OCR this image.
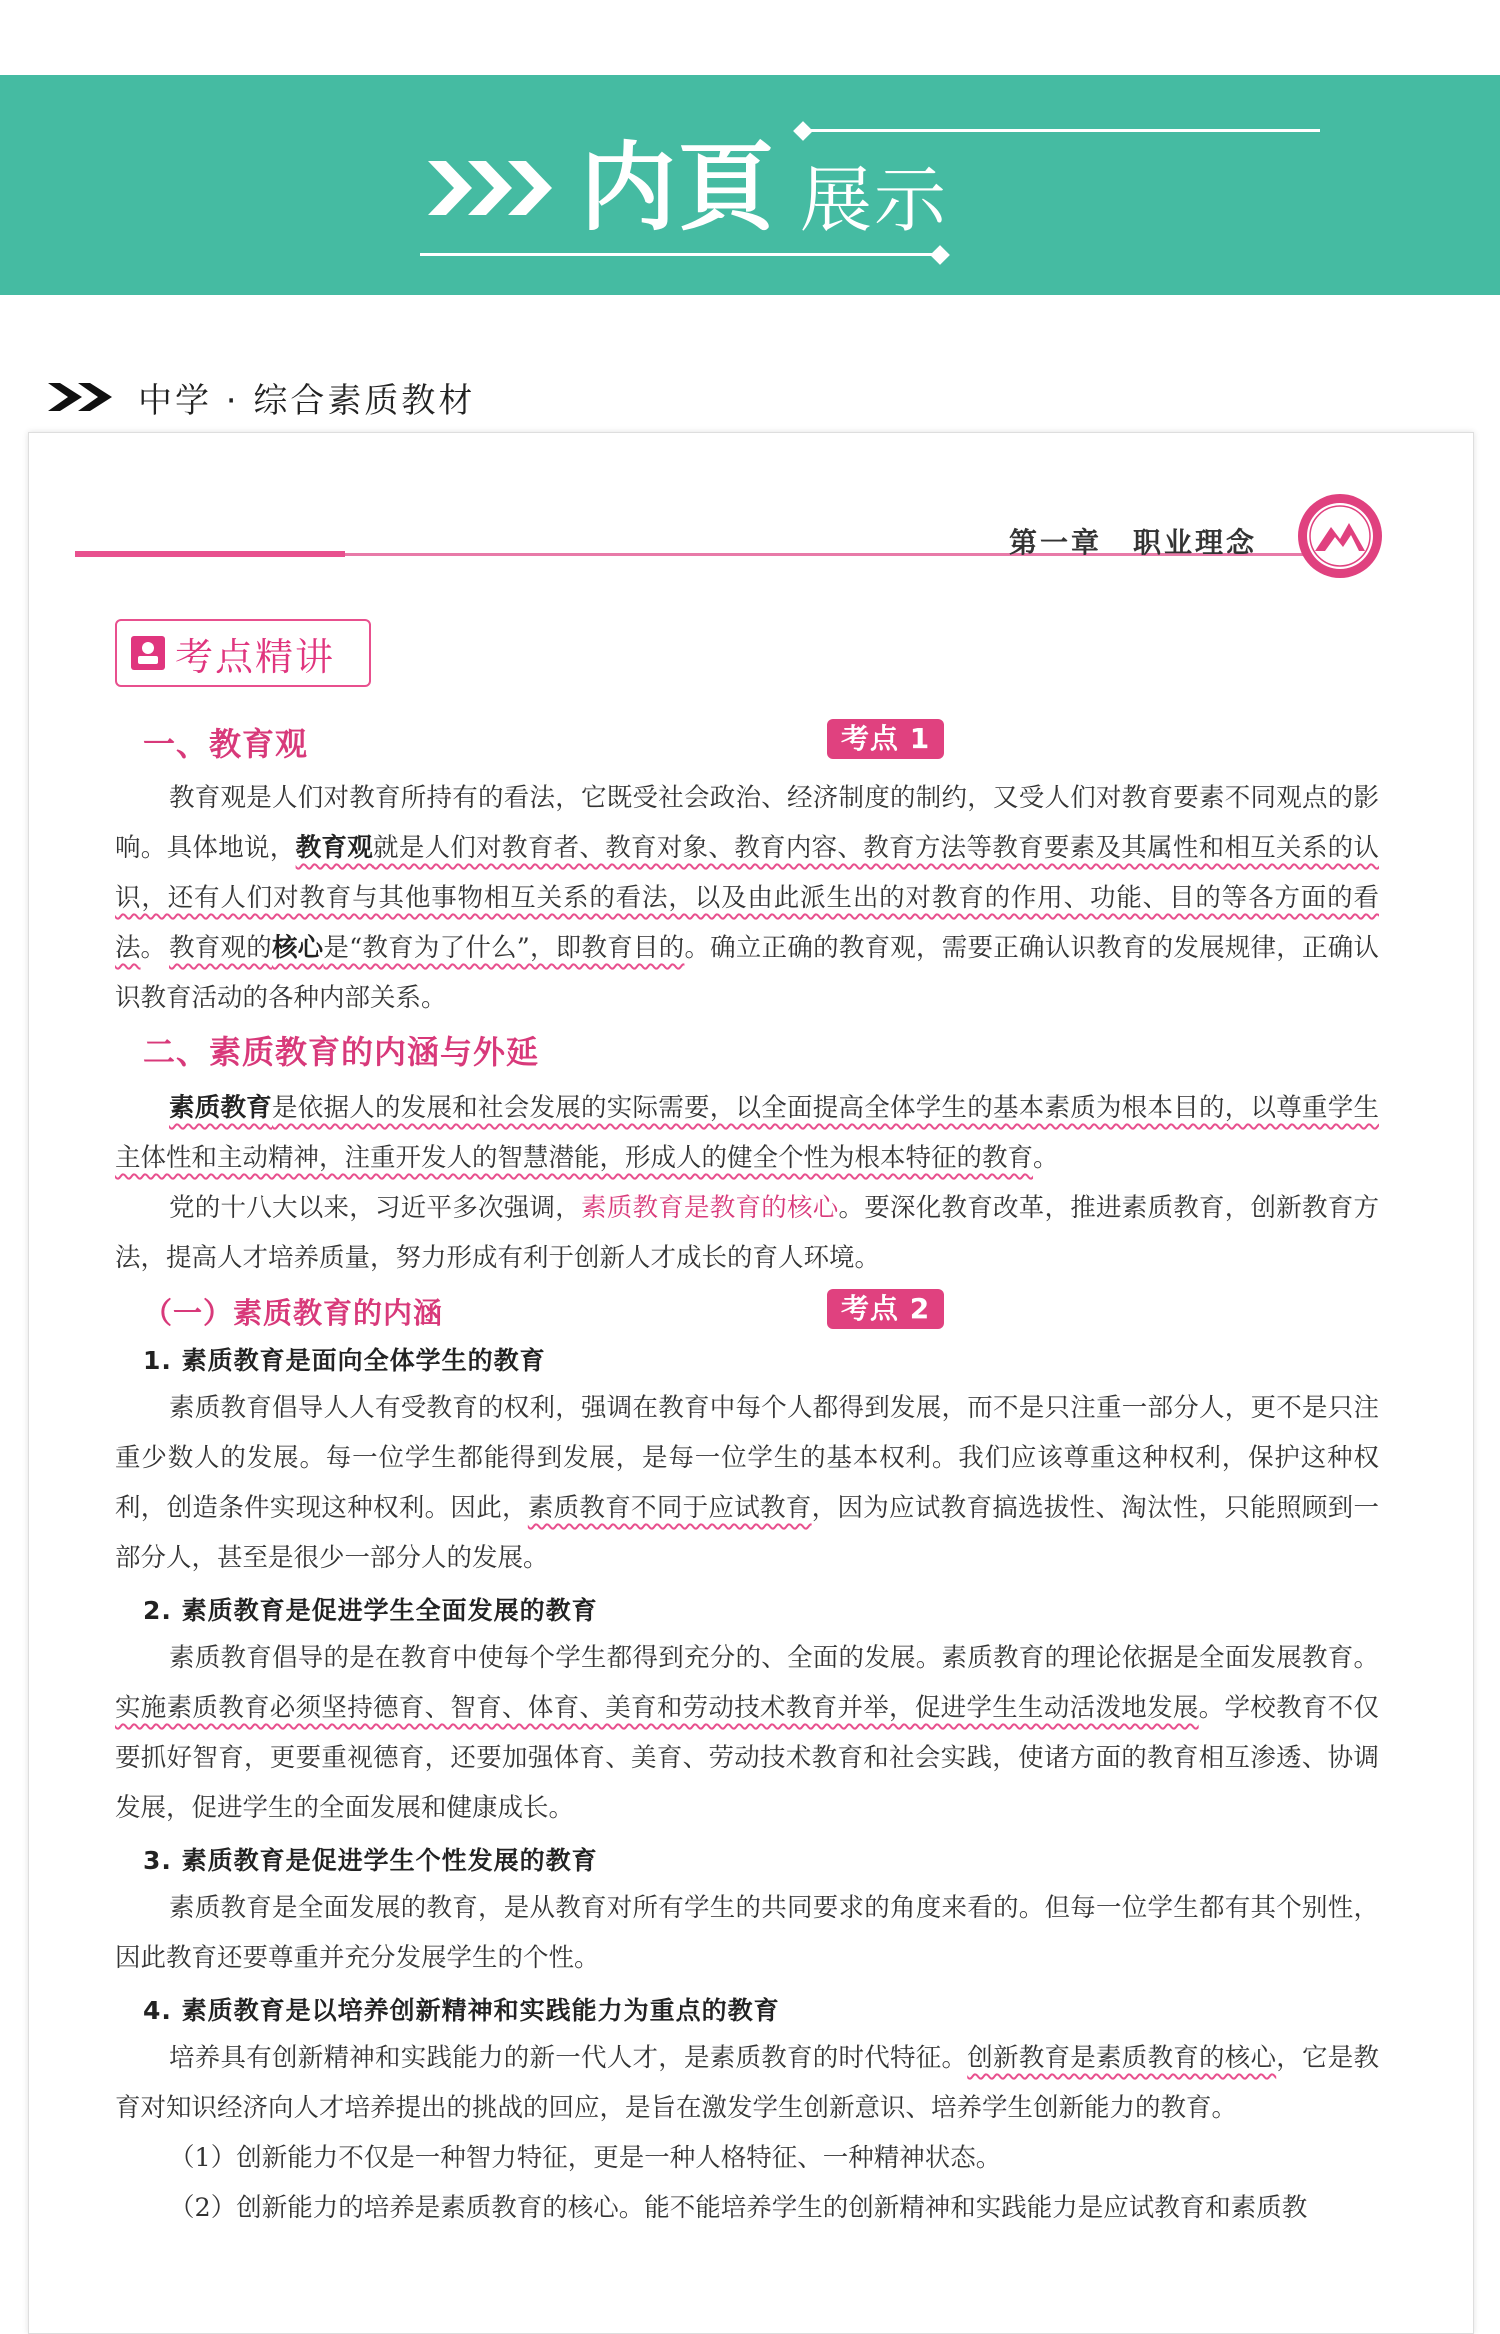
内頁 展示
中学 · 综合素质教材
第一章　职业理念
考点精讲
一、教育观	考点 1

教育观是人们对教育所持有的看法，它既受社会政治、经济制度的制约，又受人们对教育要素不同观点的影响。具体地说，教育观就是人们对教育者、教育对象、教育内容、教育方法等教育要素及其属性和相互关系的认识，还有人们对教育与其他事物相互关系的看法，以及由此派生出的对教育的作用、功能、目的等各方面的看法。 教育观的核心是“教育为了什么”，即教育目的。确立正确的教育观，需要正确认识教育的发展规律，正确认识教育活动的各种内部关系。

二、素质教育的内涵与外延

素质教育是依据人的发展和社会发展的实际需要，以全面提高全体学生的基本素质为根本目的，以尊重学生主体性和主动精神，注重开发人的智慧潜能，形成人的健全个性为根本特征的教育。

党的十八大以来，习近平多次强调，素质教育是教育的核心。要深化教育改革，推进素质教育，创新教育方法，提高人才培养质量，努力形成有利于创新人才成长的育人环境。

（一）素质教育的内涵	考点 2
1. 素质教育是面向全体学生的教育

素质教育倡导人人有受教育的权利，强调在教育中每个人都得到发展，而不是只注重一部分人，更不是只注重少数人的发展。每一位学生都能得到发展，是每一位学生的基本权利。我们应该尊重这种权利，保护这种权利，创造条件实现这种权利。因此，素质教育不同于应试教育，因为应试教育搞选拔性、淘汰性，只能照顾到一部分人，甚至是很少一部分人的发展。

2. 素质教育是促进学生全面发展的教育

素质教育倡导的是在教育中使每个学生都得到充分的、全面的发展。素质教育的理论依据是全面发展教育。实施素质教育必须坚持德育、智育、体育、美育和劳动技术教育并举，促进学生生动活泼地发展。学校教育不仅要抓好智育，更要重视德育，还要加强体育、美育、劳动技术教育和社会实践，使诸方面的教育相互渗透、协调发展，促进学生的全面发展和健康成长。

3. 素质教育是促进学生个性发展的教育

素质教育是全面发展的教育，是从教育对所有学生的共同要求的角度来看的。但每一位学生都有其个别性，因此教育还要尊重并充分发展学生的个性。

4. 素质教育是以培养创新精神和实践能力为重点的教育

培养具有创新精神和实践能力的新一代人才，是素质教育的时代特征。创新教育是素质教育的核心，它是教育对知识经济向人才培养提出的挑战的回应，是旨在激发学生创新意识、培养学生创新能力的教育。

（1）创新能力不仅是一种智力特征，更是一种人格特征、一种精神状态。

（2）创新能力的培养是素质教育的核心。能不能培养学生的创新精神和实践能力是应试教育和素质教
